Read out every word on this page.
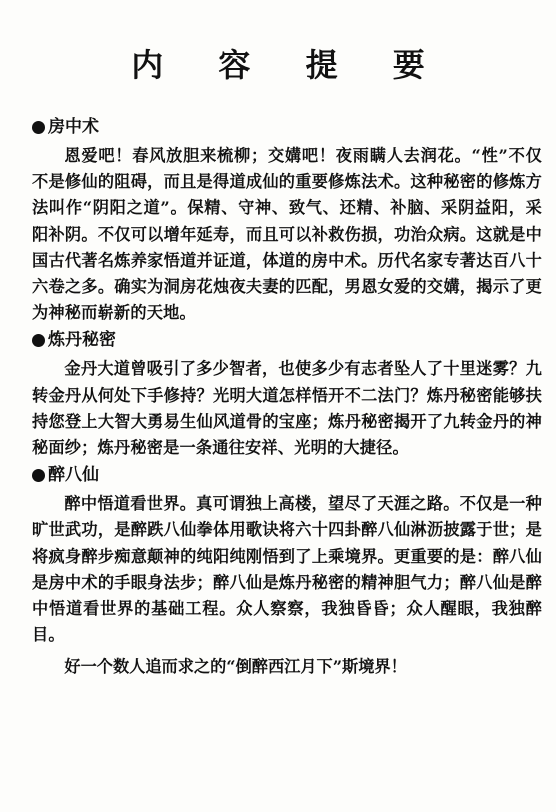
内 容 提 要
房中术

恩爱吧！春风放胆来梳柳；交媾吧！夜雨瞒人去润花。“性”不仅不是修仙的阻碍，而且是得道成仙的重要修炼法术。这种秘密的修炼方法叫作“阴阳之道”。保精、守神、致气、还精、补脑、采阴益阳，采阳补阴。不仅可以增年延寿，而且可以补救伤损，功治众病。这就是中国古代著名炼养家悟道并证道，体道的房中术。历代名家专著达百八十六卷之多。确实为洞房花烛夜夫妻的匹配，男恩女爱的交媾，揭示了更为神秘而崭新的天地。

炼丹秘密

金丹大道曾吸引了多少智者，也使多少有志者坠人了十里迷雾？九转金丹从何处下手修持？光明大道怎样悟开不二法门？炼丹秘密能够扶持您登上大智大勇易生仙风道骨的宝座；炼丹秘密揭开了九转金丹的神秘面纱；炼丹秘密是一条通往安祥、光明的大捷径。

醉八仙

醉中悟道看世界。真可谓独上高楼，望尽了天涯之路。不仅是一种旷世武功，是醉跌八仙拳体用歌诀将六十四卦醉八仙淋沥披露于世；是将疯身醉步痴意颠神的纯阳纯刚悟到了上乘境界。更重要的是：醉八仙是房中术的手眼身法步；醉八仙是炼丹秘密的精神胆气力；醉八仙是醉中悟道看世界的基础工程。众人察察，我独昏昏；众人醒眼，我独醉目。

好一个数人追而求之的“倒醉西江月下”斯境界！
